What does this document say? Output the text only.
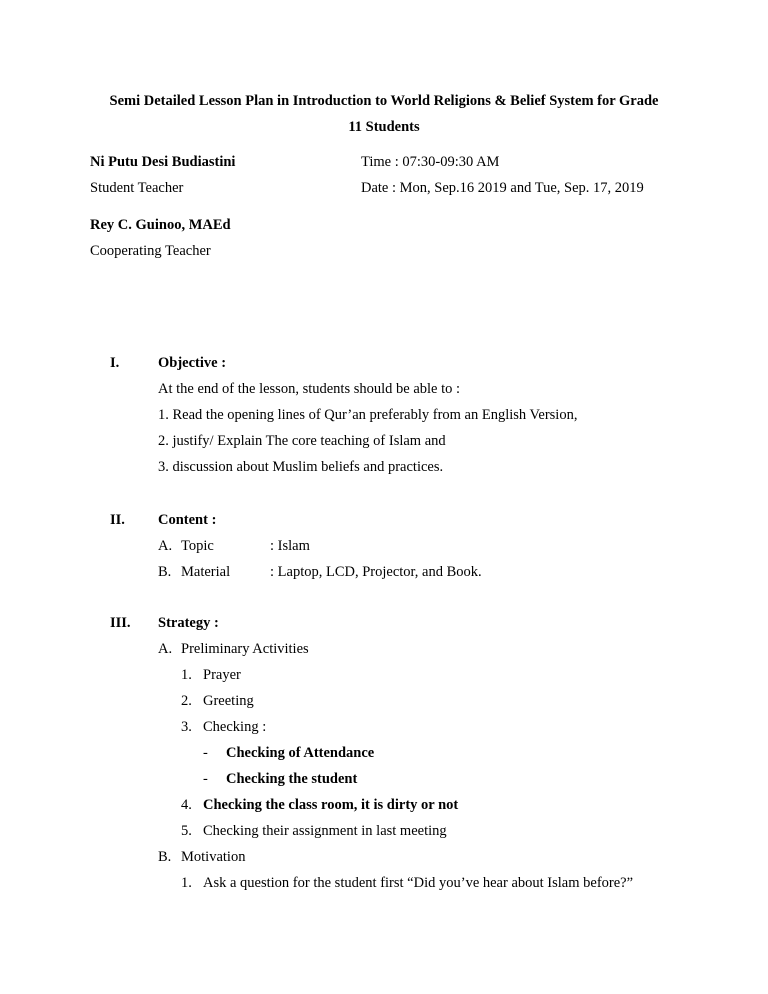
Semi Detailed Lesson Plan in Introduction to World Religions & Belief System for Grade
11 Students
Ni Putu Desi Budiastini
Student Teacher
Rey C. Guinoo, MAEd
Cooperating Teacher
Time : 07:30-09:30 AM
Date : Mon, Sep.16 2019 and Tue, Sep. 17, 2019
I.	Objective :
At the end of the lesson, students should be able to :
1. Read the opening lines of Qur’an preferably from an English Version,
2. justify/ Explain The core teaching of Islam and
3. discussion about Muslim beliefs and practices.
II. Content :
A. Topic	: Islam
B. Material	: Laptop, LCD, Projector, and Book.
III. Strategy :
A. Preliminary Activities
1. Prayer
2. Greeting
3. Checking :
- Checking of Attendance
- Checking the student
4. Checking the class room, it is dirty or not
5. Checking their assignment in last meeting
B. Motivation
1. Ask a question for the student first “Did you’ve hear about Islam before?”
